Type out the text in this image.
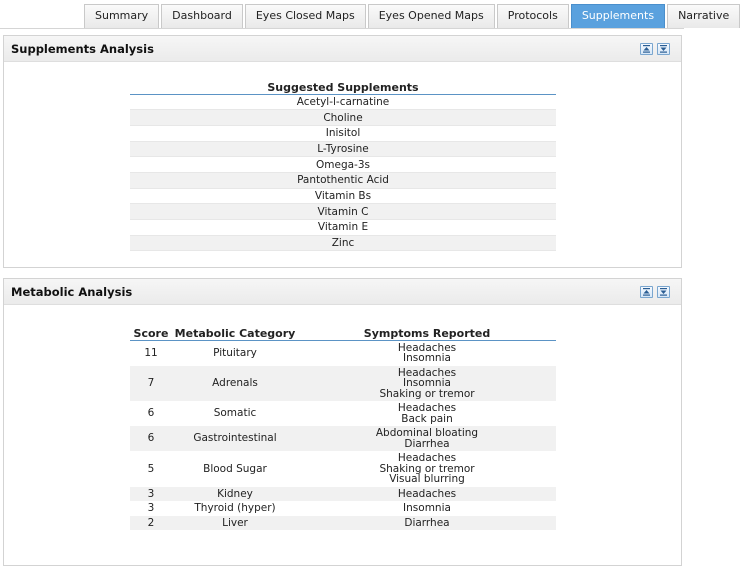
Summary	Dashboard	Eyes Closed Maps	Eyes Opened Maps	Protocols	Supplements	Narrative
Supplements Analysis
Suggested Supplements
Acetyl-l-carnatine
Choline
Inisitol
L-Tyrosine
Omega-3s
Pantothentic Acid
Vitamin Bs
Vitamin C
Vitamin E
Zinc
Metabolic Analysis
Score	Metabolic Category	Symptoms Reported
11	Pituitary	Headaches
Insomnia

7	Adrenals	Headaches
Insomnia
Shaking or tremor

6	Somatic	Headaches
Back pain

6	Gastrointestinal	Abdominal bloating
Diarrhea

5	Blood Sugar	Headaches
Shaking or tremor
Visual blurring

3	Kidney	Headaches

3	Thyroid (hyper)	Insomnia

2	Liver	Diarrhea
